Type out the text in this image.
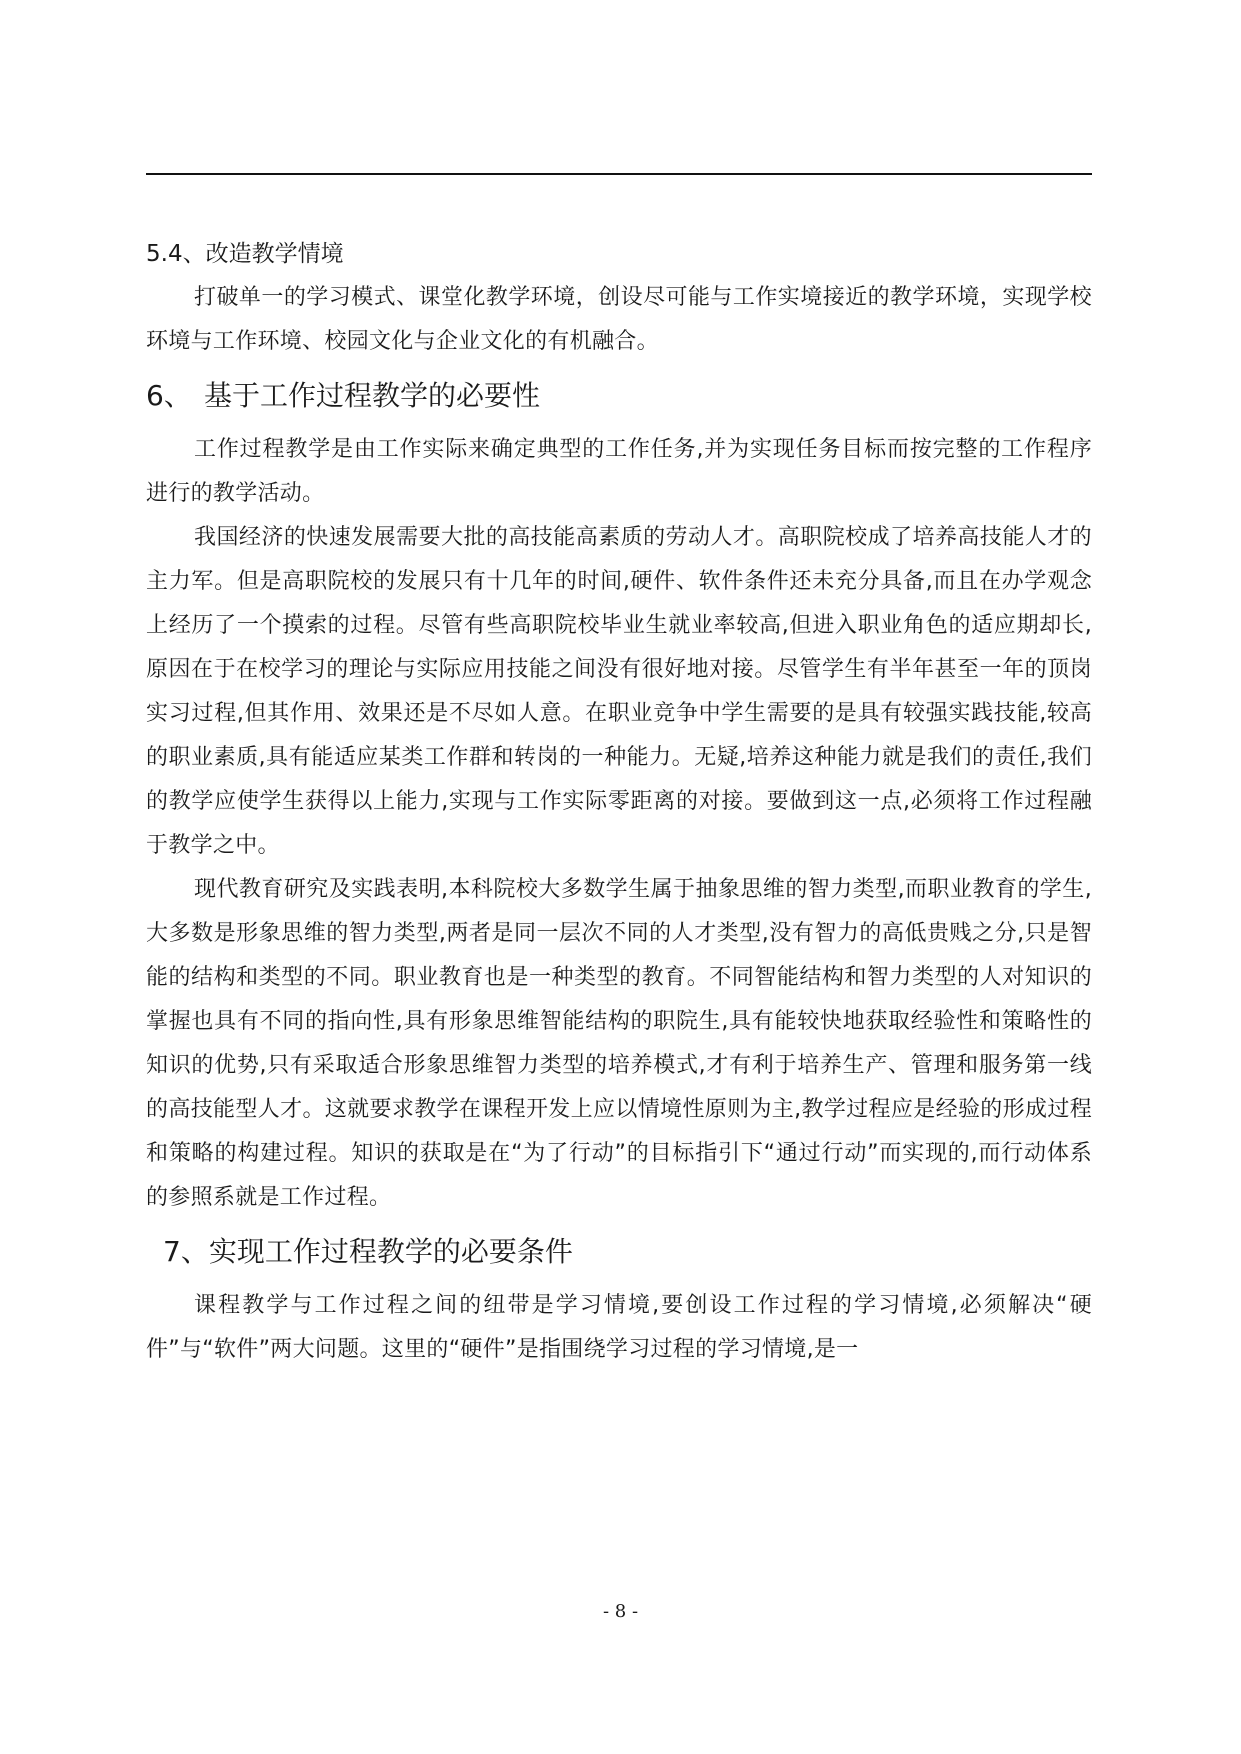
5.4、改造教学情境

打破单一的学习模式、课堂化教学环境，创设尽可能与工作实境接近的教学环境，实现学校环境与工作环境、校园文化与企业文化的有机融合。

6、 基于工作过程教学的必要性

工作过程教学是由工作实际来确定典型的工作任务,并为实现任务目标而按完整的工作程序进行的教学活动。

我国经济的快速发展需要大批的高技能高素质的劳动人才。高职院校成了培养高技能人才的主力军。但是高职院校的发展只有十几年的时间,硬件、软件条件还未充分具备,而且在办学观念上经历了一个摸索的过程。尽管有些高职院校毕业生就业率较高,但进入职业角色的适应期却长,原因在于在校学习的理论与实际应用技能之间没有很好地对接。尽管学生有半年甚至一年的顶岗实习过程,但其作用、效果还是不尽如人意。在职业竞争中学生需要的是具有较强实践技能,较高的职业素质,具有能适应某类工作群和转岗的一种能力。无疑,培养这种能力就是我们的责任,我们的教学应使学生获得以上能力,实现与工作实际零距离的对接。要做到这一点,必须将工作过程融于教学之中。

现代教育研究及实践表明,本科院校大多数学生属于抽象思维的智力类型,而职业教育的学生,大多数是形象思维的智力类型,两者是同一层次不同的人才类型,没有智力的高低贵贱之分,只是智能的结构和类型的不同。职业教育也是一种类型的教育。不同智能结构和智力类型的人对知识的掌握也具有不同的指向性,具有形象思维智能结构的职院生,具有能较快地获取经验性和策略性的知识的优势,只有采取适合形象思维智力类型的培养模式,才有利于培养生产、管理和服务第一线的高技能型人才。这就要求教学在课程开发上应以情境性原则为主,教学过程应是经验的形成过程和策略的构建过程。知识的获取是在“为了行动”的目标指引下“通过行动”而实现的,而行动体系的参照系就是工作过程。

7、实现工作过程教学的必要条件

课程教学与工作过程之间的纽带是学习情境,要创设工作过程的学习情境,必须解决“硬件”与“软件”两大问题。这里的“硬件”是指围绕学习过程的学习情境,是一

- 8 -
